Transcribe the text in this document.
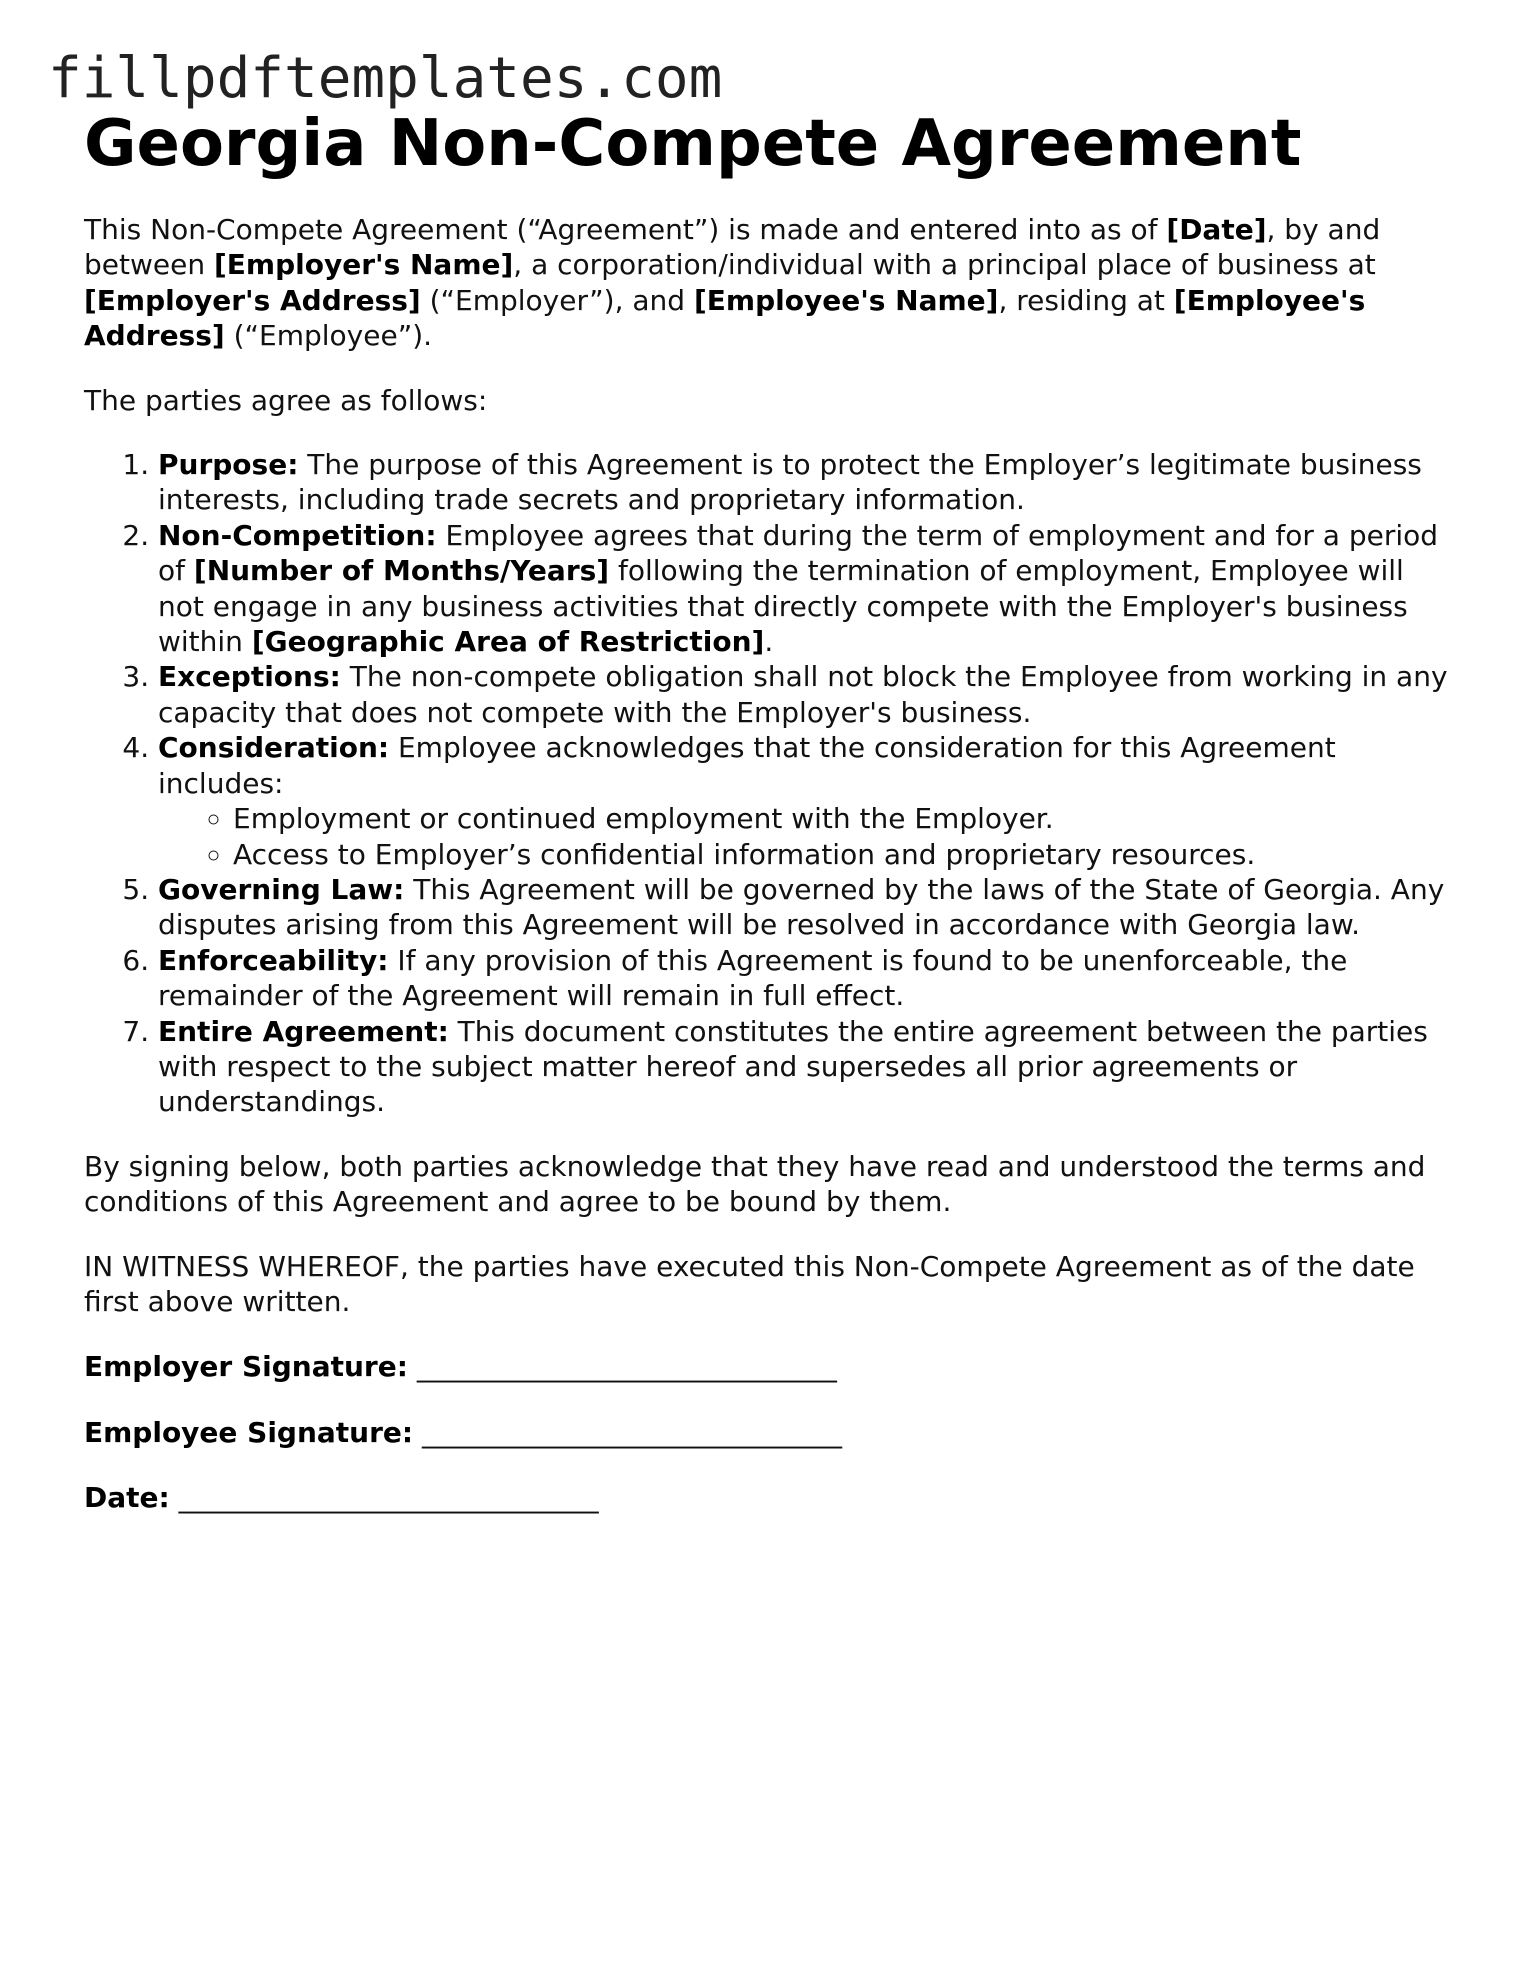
fillpdftemplates.com
Georgia Non-Compete Agreement

This Non-Compete Agreement (“Agreement”) is made and entered into as of [Date], by and between [Employer's Name], a corporation/individual with a principal place of business at [Employer's Address] (“Employer”), and [Employee's Name], residing at [Employee's Address] (“Employee”).

The parties agree as follows:

1. Purpose: The purpose of this Agreement is to protect the Employer’s legitimate business interests, including trade secrets and proprietary information.
2. Non-Competition: Employee agrees that during the term of employment and for a period of [Number of Months/Years] following the termination of employment, Employee will not engage in any business activities that directly compete with the Employer's business within [Geographic Area of Restriction].
3. Exceptions: The non-compete obligation shall not block the Employee from working in any capacity that does not compete with the Employer's business.
4. Consideration: Employee acknowledges that the consideration for this Agreement includes:
◦ Employment or continued employment with the Employer.
◦ Access to Employer’s confidential information and proprietary resources.
5. Governing Law: This Agreement will be governed by the laws of the State of Georgia. Any disputes arising from this Agreement will be resolved in accordance with Georgia law.
6. Enforceability: If any provision of this Agreement is found to be unenforceable, the remainder of the Agreement will remain in full effect.
7. Entire Agreement: This document constitutes the entire agreement between the parties with respect to the subject matter hereof and supersedes all prior agreements or understandings.

By signing below, both parties acknowledge that they have read and understood the terms and conditions of this Agreement and agree to be bound by them.

IN WITNESS WHEREOF, the parties have executed this Non-Compete Agreement as of the date first above written.

Employer Signature: ______________________________

Employee Signature: ______________________________

Date: ______________________________
